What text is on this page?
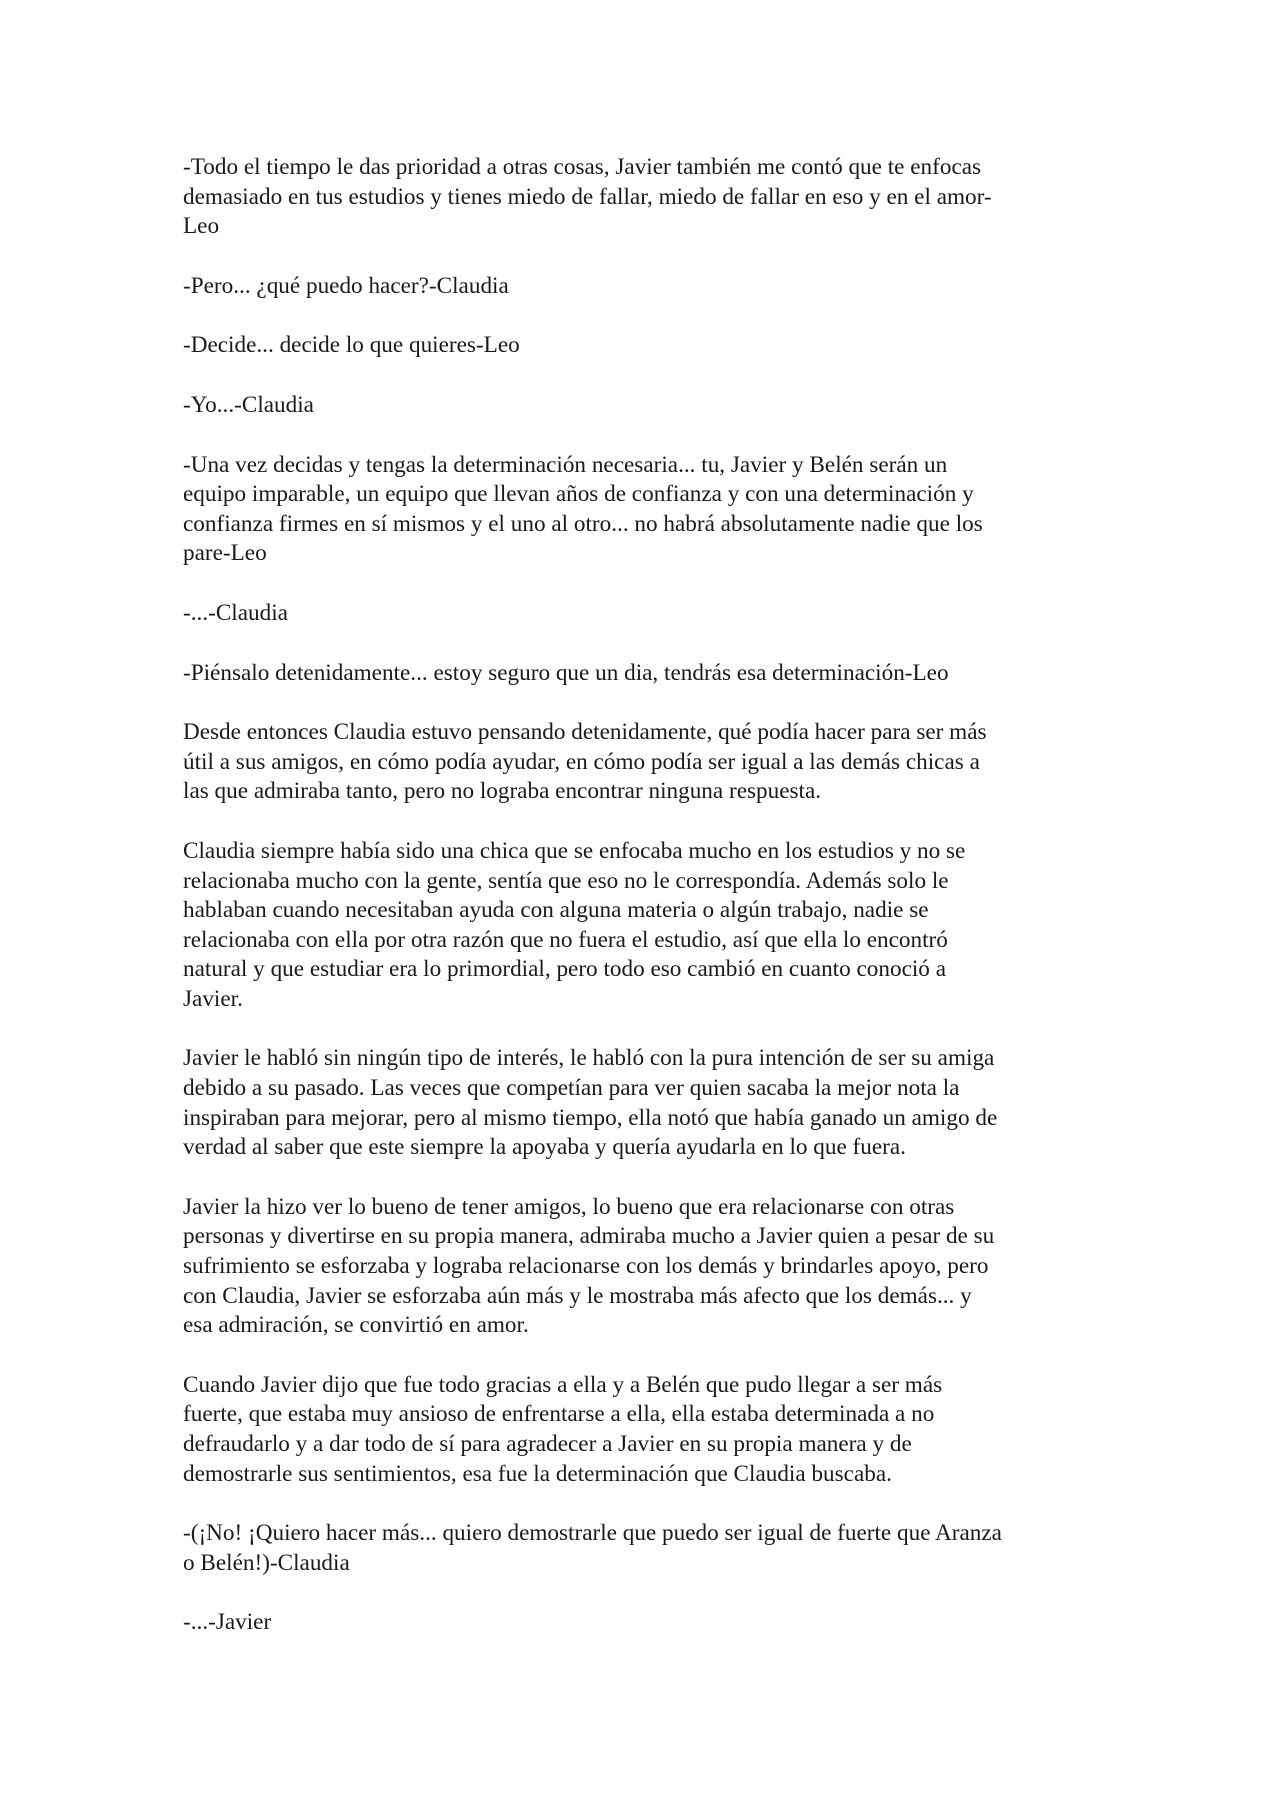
-Todo el tiempo le das prioridad a otras cosas, Javier también me contó que te enfocas
demasiado en tus estudios y tienes miedo de fallar, miedo de fallar en eso y en el amor-
Leo

-Pero... ¿qué puedo hacer?-Claudia

-Decide... decide lo que quieres-Leo

-Yo...-Claudia

-Una vez decidas y tengas la determinación necesaria... tu, Javier y Belén serán un
equipo imparable, un equipo que llevan años de confianza y con una determinación y
confianza firmes en sí mismos y el uno al otro... no habrá absolutamente nadie que los
pare-Leo

-...-Claudia

-Piénsalo detenidamente... estoy seguro que un dia, tendrás esa determinación-Leo

Desde entonces Claudia estuvo pensando detenidamente, qué podía hacer para ser más
útil a sus amigos, en cómo podía ayudar, en cómo podía ser igual a las demás chicas a
las que admiraba tanto, pero no lograba encontrar ninguna respuesta.

Claudia siempre había sido una chica que se enfocaba mucho en los estudios y no se
relacionaba mucho con la gente, sentía que eso no le correspondía. Además solo le
hablaban cuando necesitaban ayuda con alguna materia o algún trabajo, nadie se
relacionaba con ella por otra razón que no fuera el estudio, así que ella lo encontró
natural y que estudiar era lo primordial, pero todo eso cambió en cuanto conoció a
Javier.

Javier le habló sin ningún tipo de interés, le habló con la pura intención de ser su amiga
debido a su pasado. Las veces que competían para ver quien sacaba la mejor nota la
inspiraban para mejorar, pero al mismo tiempo, ella notó que había ganado un amigo de
verdad al saber que este siempre la apoyaba y quería ayudarla en lo que fuera.

Javier la hizo ver lo bueno de tener amigos, lo bueno que era relacionarse con otras
personas y divertirse en su propia manera, admiraba mucho a Javier quien a pesar de su
sufrimiento se esforzaba y lograba relacionarse con los demás y brindarles apoyo, pero
con Claudia, Javier se esforzaba aún más y le mostraba más afecto que los demás... y
esa admiración, se convirtió en amor.

Cuando Javier dijo que fue todo gracias a ella y a Belén que pudo llegar a ser más
fuerte, que estaba muy ansioso de enfrentarse a ella, ella estaba determinada a no
defraudarlo y a dar todo de sí para agradecer a Javier en su propia manera y de
demostrarle sus sentimientos, esa fue la determinación que Claudia buscaba.

-(¡No! ¡Quiero hacer más... quiero demostrarle que puedo ser igual de fuerte que Aranza
o Belén!)-Claudia

-...-Javier
